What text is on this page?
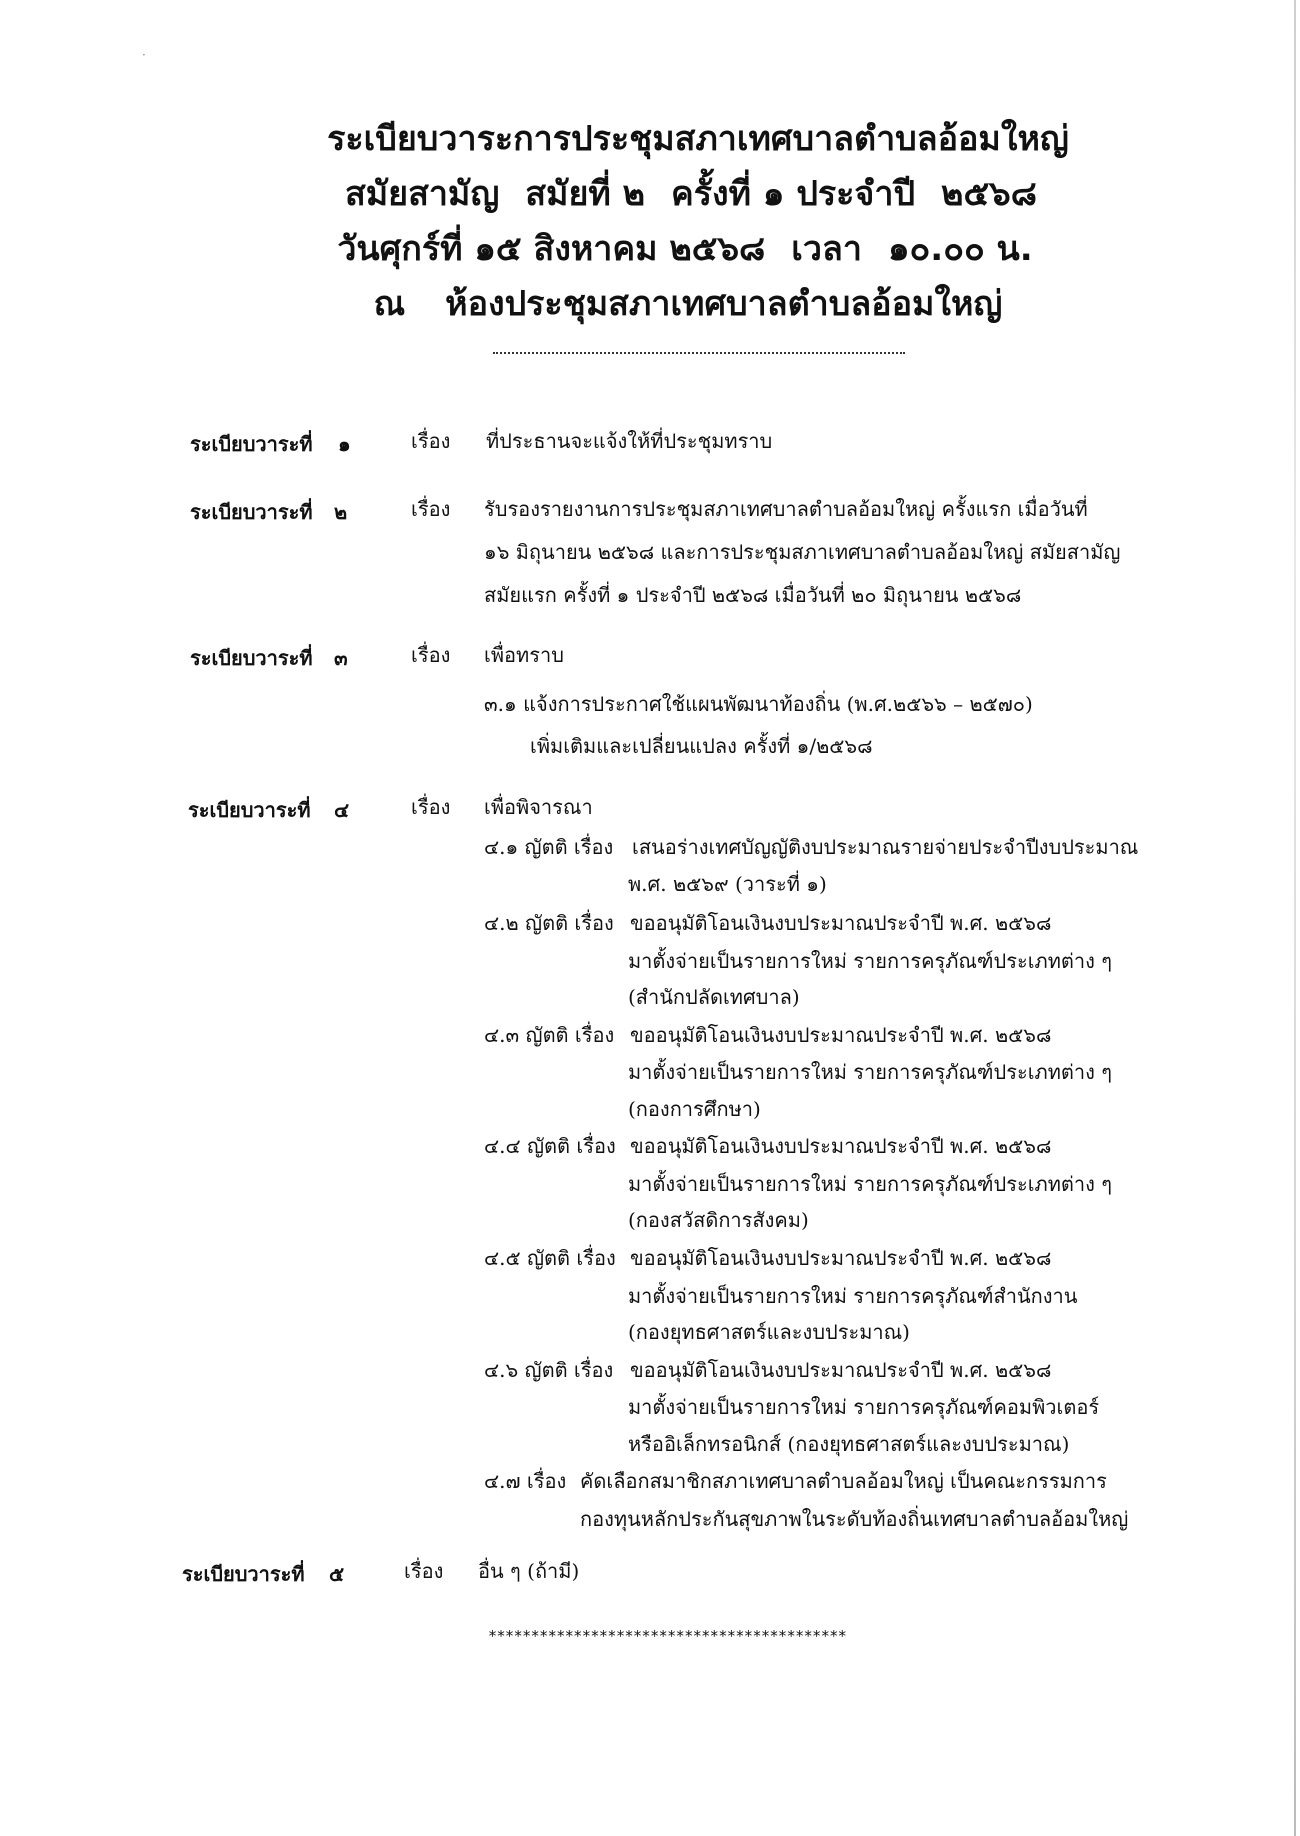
·
ระเบียบวาระการประชุมสภาเทศบาลตำบลอ้อมใหญ่
สมัยสามัญ สมัยที่ ๒ ครั้งที่ ๑ ประจำปี ๒๕๖๘
วันศุกร์ที่ ๑๕ สิงหาคม ๒๕๖๘ เวลา ๑๐.๐๐ น.
ณ ห้องประชุมสภาเทศบาลตำบลอ้อมใหญ่
ระเบียบวาระที่ ๑	เรื่อง ที่ประธานจะแจ้งให้ที่ประชุมทราบ
ระเบียบวาระที่ ๒	เรื่อง รับรองรายงานการประชุมสภาเทศบาลตำบลอ้อมใหญ่ ครั้งแรก เมื่อวันที่
๑๖ มิถุนายน ๒๕๖๘ และการประชุมสภาเทศบาลตำบลอ้อมใหญ่ สมัยสามัญ
สมัยแรก ครั้งที่ ๑ ประจำปี ๒๕๖๘ เมื่อวันที่ ๒๐ มิถุนายน ๒๕๖๘
ระเบียบวาระที่ ๓	เรื่อง เพื่อทราบ
๓.๑ แจ้งการประกาศใช้แผนพัฒนาท้องถิ่น (พ.ศ.๒๕๖๖ – ๒๕๗๐)
เพิ่มเติมและเปลี่ยนแปลง ครั้งที่ ๑/๒๕๖๘
ระเบียบวาระที่ ๔	เรื่อง เพื่อพิจารณา
๔.๑ ญัตติ เรื่อง เสนอร่างเทศบัญญัติงบประมาณรายจ่ายประจำปีงบประมาณ
พ.ศ. ๒๕๖๙ (วาระที่ ๑)
๔.๒ ญัตติ เรื่อง ขออนุมัติโอนเงินงบประมาณประจำปี พ.ศ. ๒๕๖๘
มาตั้งจ่ายเป็นรายการใหม่ รายการครุภัณฑ์ประเภทต่าง ๆ
(สำนักปลัดเทศบาล)
๔.๓ ญัตติ เรื่อง ขออนุมัติโอนเงินงบประมาณประจำปี พ.ศ. ๒๕๖๘
มาตั้งจ่ายเป็นรายการใหม่ รายการครุภัณฑ์ประเภทต่าง ๆ
(กองการศึกษา)
๔.๔ ญัตติ เรื่อง ขออนุมัติโอนเงินงบประมาณประจำปี พ.ศ. ๒๕๖๘
มาตั้งจ่ายเป็นรายการใหม่ รายการครุภัณฑ์ประเภทต่าง ๆ
(กองสวัสดิการสังคม)
๔.๕ ญัตติ เรื่อง ขออนุมัติโอนเงินงบประมาณประจำปี พ.ศ. ๒๕๖๘
มาตั้งจ่ายเป็นรายการใหม่ รายการครุภัณฑ์สำนักงาน
(กองยุทธศาสตร์และงบประมาณ)
๔.๖ ญัตติ เรื่อง ขออนุมัติโอนเงินงบประมาณประจำปี พ.ศ. ๒๕๖๘
มาตั้งจ่ายเป็นรายการใหม่ รายการครุภัณฑ์คอมพิวเตอร์
หรืออิเล็กทรอนิกส์ (กองยุทธศาสตร์และงบประมาณ)
๔.๗ เรื่อง คัดเลือกสมาชิกสภาเทศบาลตำบลอ้อมใหญ่ เป็นคณะกรรมการ
กองทุนหลักประกันสุขภาพในระดับท้องถิ่นเทศบาลตำบลอ้อมใหญ่
ระเบียบวาระที่ ๕	เรื่อง อื่น ๆ (ถ้ามี)
******************************************
